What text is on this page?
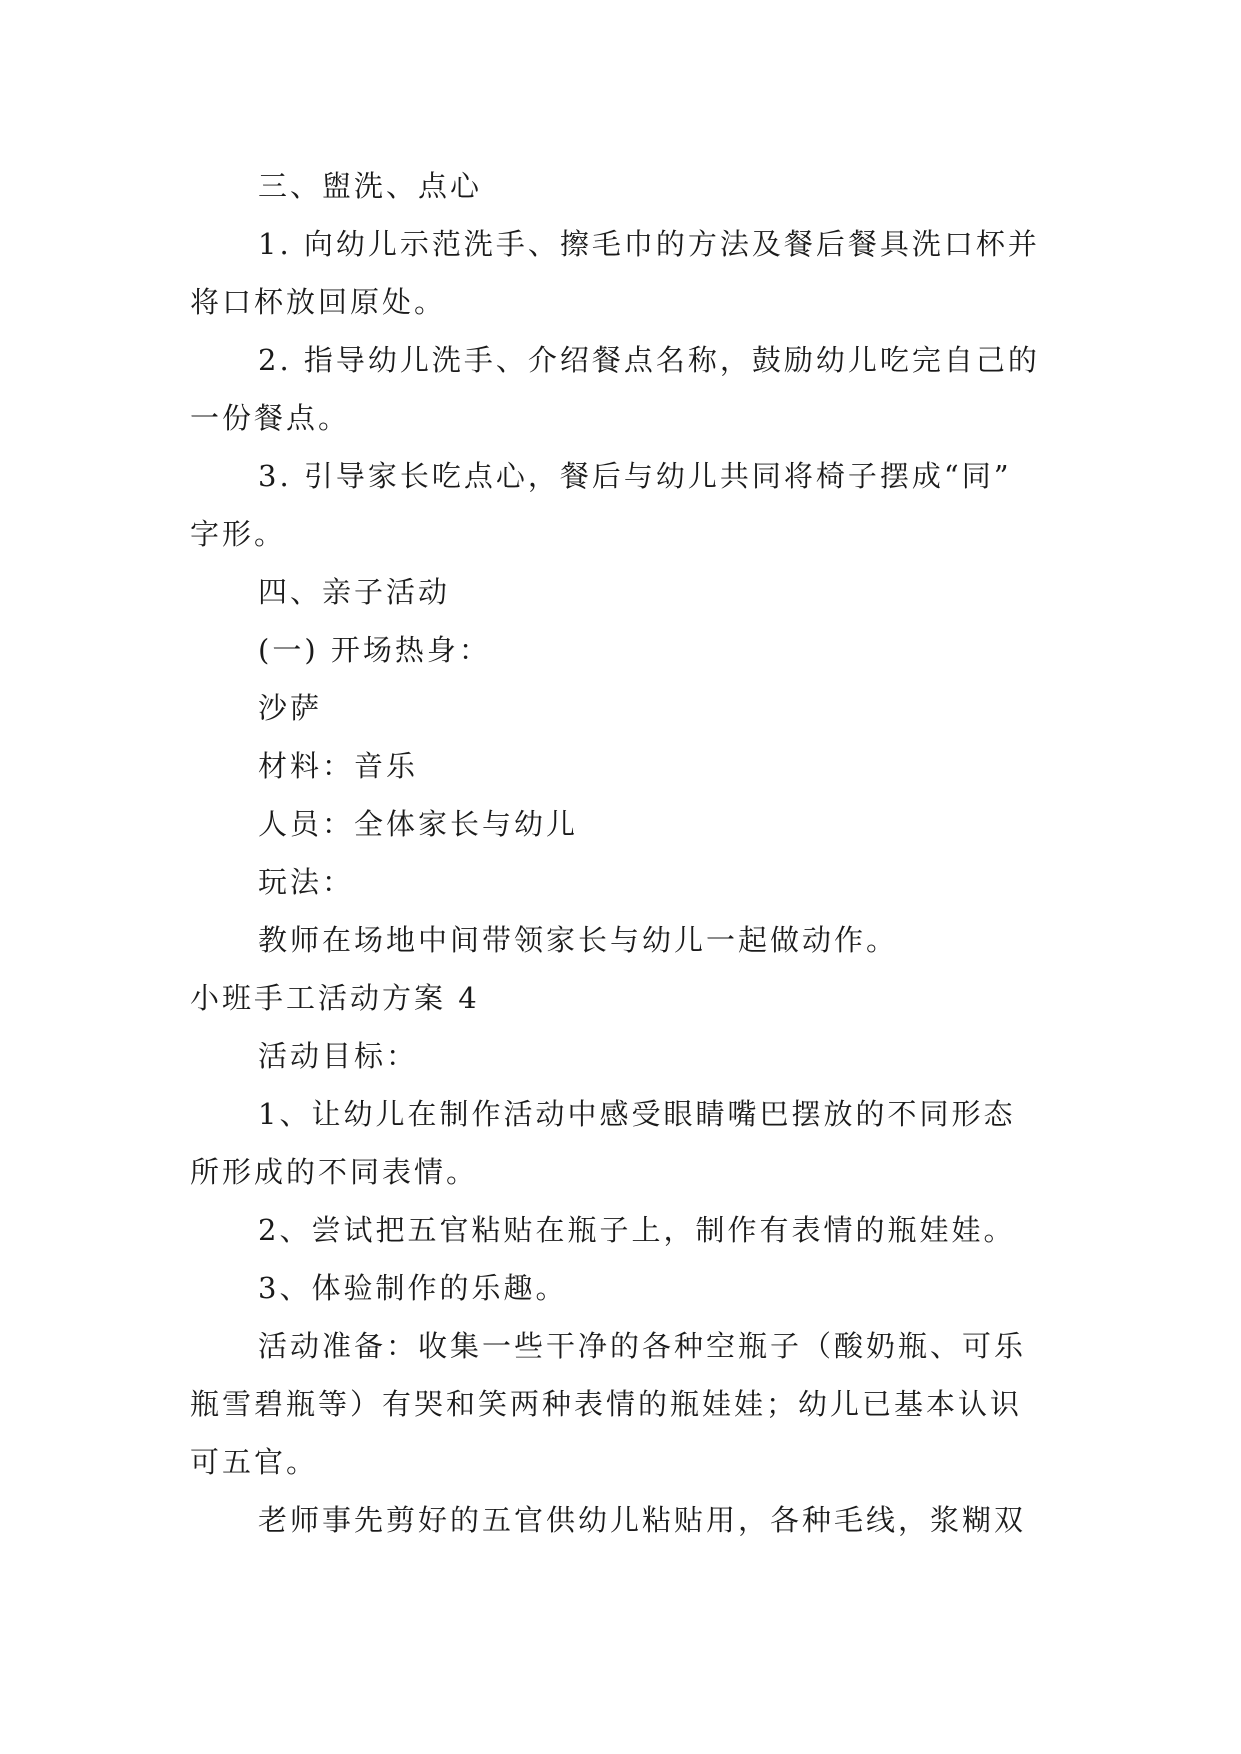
三、盥洗、点心
1. 向幼儿示范洗手、擦毛巾的方法及餐后餐具洗口杯并
将口杯放回原处。
2. 指导幼儿洗手、介绍餐点名称，鼓励幼儿吃完自己的
一份餐点。
3. 引导家长吃点心，餐后与幼儿共同将椅子摆成“同”
字形。
四、亲子活动
(一) 开场热身：
沙萨
材料：音乐
人员：全体家长与幼儿
玩法：
教师在场地中间带领家长与幼儿一起做动作。
小班手工活动方案 4
活动目标：
1、让幼儿在制作活动中感受眼睛嘴巴摆放的不同形态
所形成的不同表情。
2、尝试把五官粘贴在瓶子上，制作有表情的瓶娃娃。
3、体验制作的乐趣。
活动准备：收集一些干净的各种空瓶子（酸奶瓶、可乐
瓶雪碧瓶等）有哭和笑两种表情的瓶娃娃；幼儿已基本认识
可五官。
老师事先剪好的五官供幼儿粘贴用，各种毛线，浆糊双
